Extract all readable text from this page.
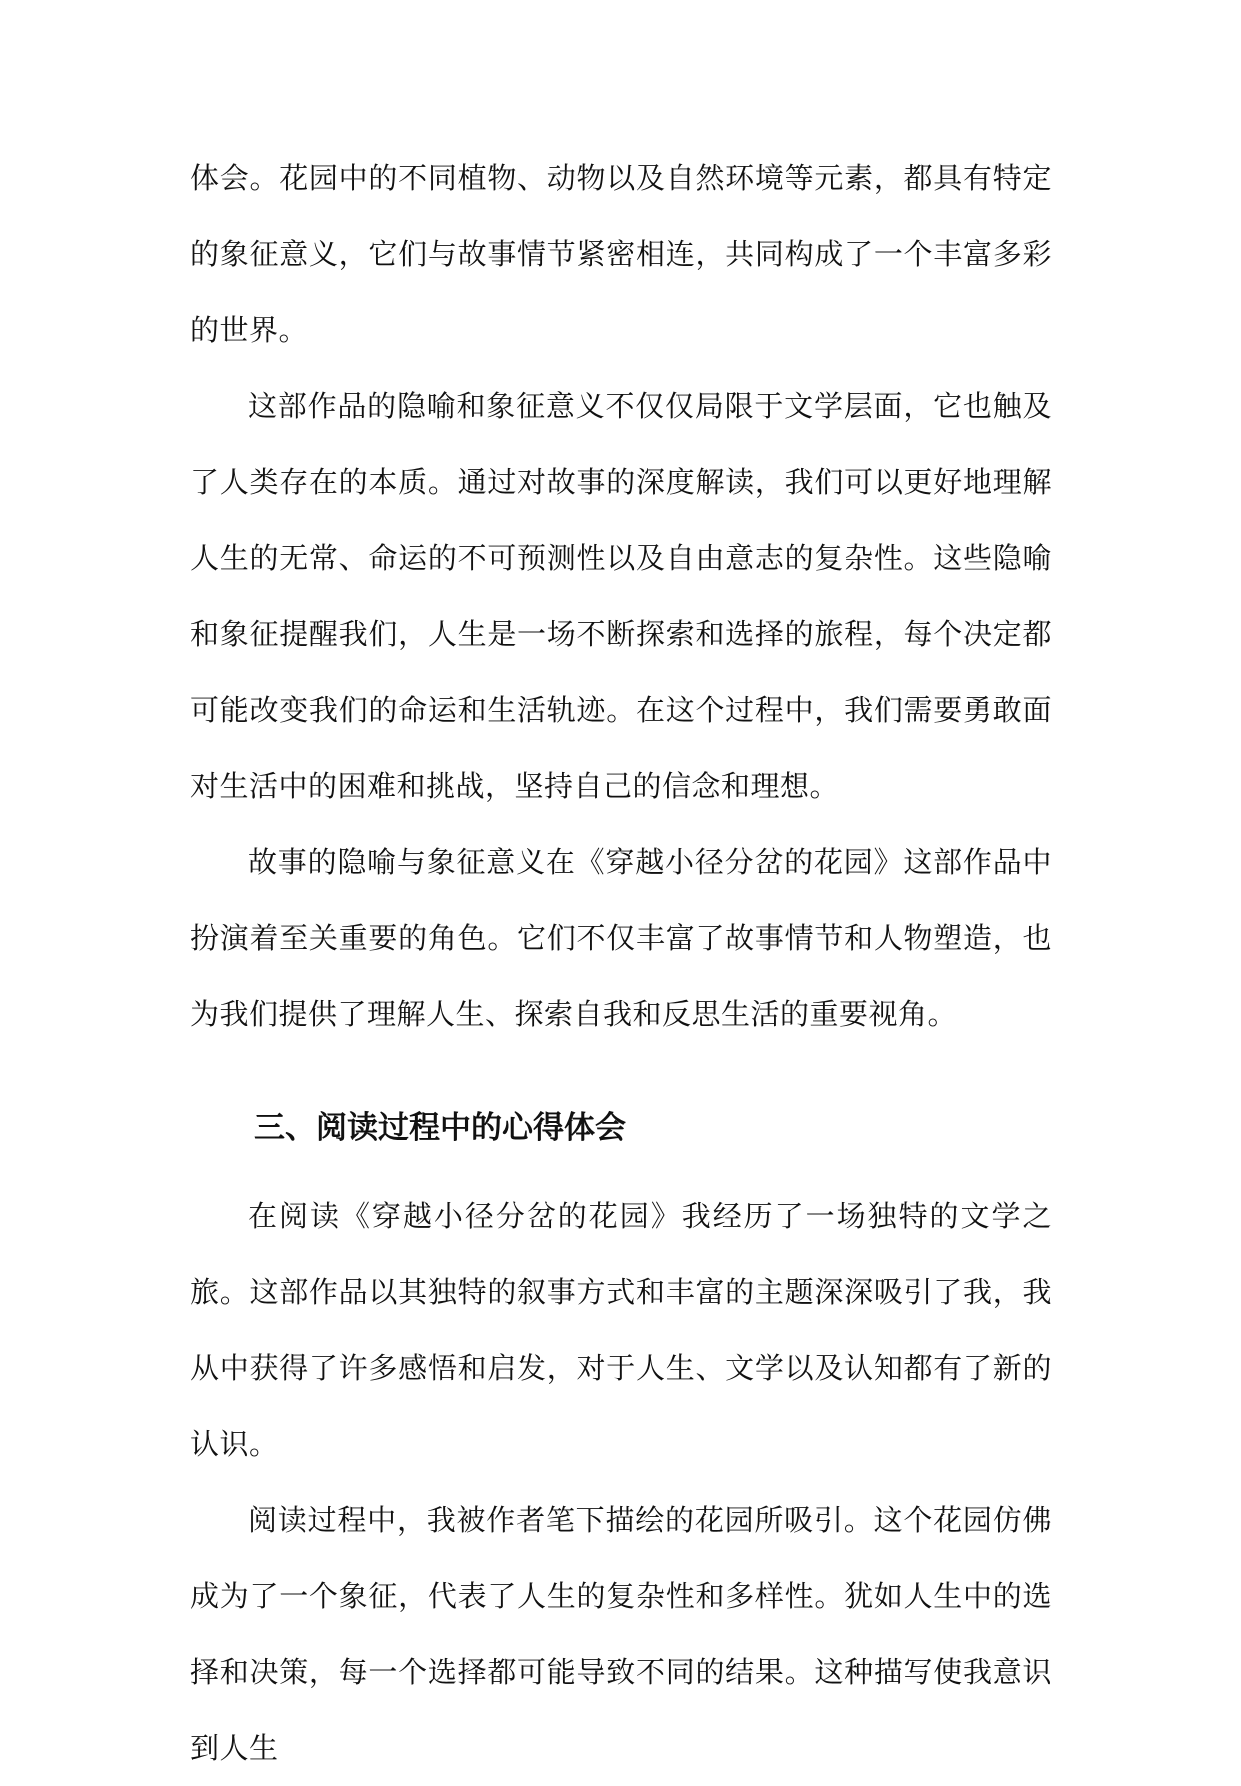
体会。花园中的不同植物、动物以及自然环境等元素，都具有特定的象征意义，它们与故事情节紧密相连，共同构成了一个丰富多彩的世界。

这部作品的隐喻和象征意义不仅仅局限于文学层面，它也触及了人类存在的本质。通过对故事的深度解读，我们可以更好地理解人生的无常、命运的不可预测性以及自由意志的复杂性。这些隐喻和象征提醒我们，人生是一场不断探索和选择的旅程，每个决定都可能改变我们的命运和生活轨迹。在这个过程中，我们需要勇敢面对生活中的困难和挑战，坚持自己的信念和理想。

故事的隐喻与象征意义在《穿越小径分岔的花园》这部作品中扮演着至关重要的角色。它们不仅丰富了故事情节和人物塑造，也为我们提供了理解人生、探索自我和反思生活的重要视角。

三、阅读过程中的心得体会

在阅读《穿越小径分岔的花园》我经历了一场独特的文学之旅。这部作品以其独特的叙事方式和丰富的主题深深吸引了我，我从中获得了许多感悟和启发，对于人生、文学以及认知都有了新的认识。

阅读过程中，我被作者笔下描绘的花园所吸引。这个花园仿佛成为了一个象征，代表了人生的复杂性和多样性。犹如人生中的选择和决策，每一个选择都可能导致不同的结果。这种描写使我意识到人生
